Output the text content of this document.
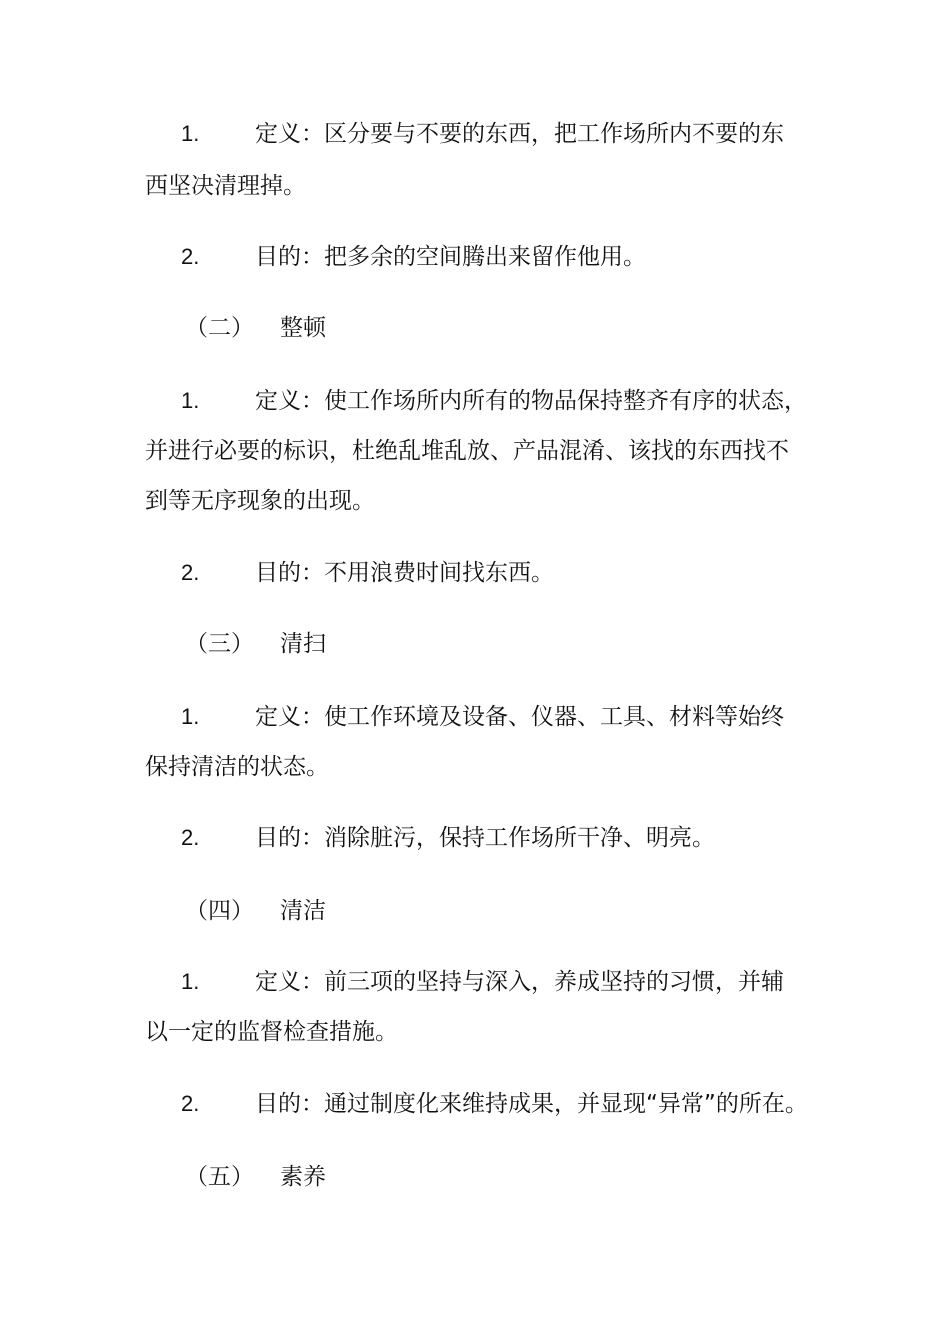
1. 定义：区分要与不要的东西，把工作场所内不要的东
西坚决清理掉。
2. 目的：把多余的空间腾出来留作他用。
（二） 整顿
1. 定义：使工作场所内所有的物品保持整齐有序的状态，
并进行必要的标识，杜绝乱堆乱放、产品混淆、该找的东西找不
到等无序现象的出现。
2. 目的：不用浪费时间找东西。
（三） 清扫
1. 定义：使工作环境及设备、仪器、工具、材料等始终
保持清洁的状态。
2. 目的：消除脏污，保持工作场所干净、明亮。
（四） 清洁
1. 定义：前三项的坚持与深入，养成坚持的习惯，并辅
以一定的监督检查措施。
2. 目的：通过制度化来维持成果，并显现“异常”的所在。
（五） 素养
